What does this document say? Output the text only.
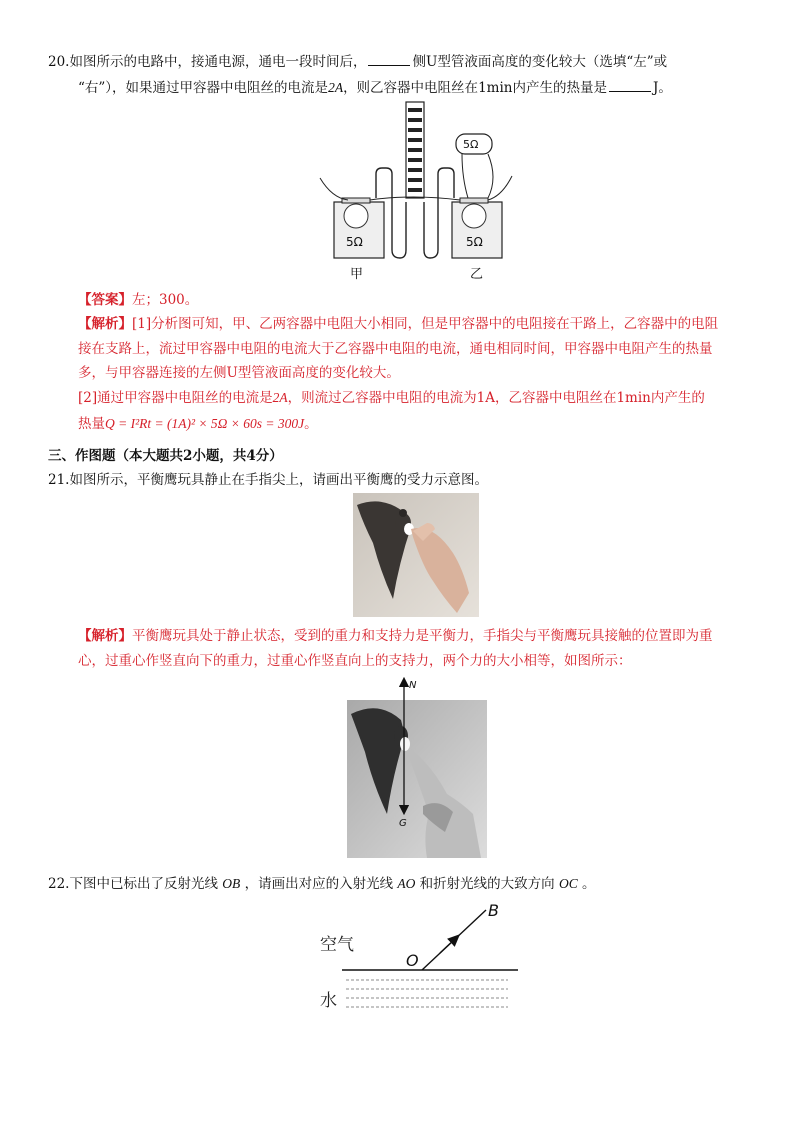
20.如图所示的电路中，接通电源，通电一段时间后，	侧U型管液面高度的变化较大（选填“左”或
“右”），如果通过甲容器中电阻丝的电流是2A，则乙容器中电阻丝在1min内产生的热量是	J。
5Ω	5Ω
5Ω
甲	乙
【答案】左；300。
【解析】[1]分析图可知，甲、乙两容器中电阻大小相同，但是甲容器中的电阻接在干路上，乙容器中的电阻
接在支路上，流过甲容器中电阻的电流大于乙容器中电阻的电流，通电相同时间，甲容器中电阻产生的热量
多，与甲容器连接的左侧U型管液面高度的变化较大。
[2]通过甲容器中电阻丝的电流是2A，则流过乙容器中电阻的电流为1A，乙容器中电阻丝在1min内产生的
热量Q = I²Rt = (1A)² × 5Ω × 60s = 300J。
三、作图题（本大题共2小题，共4分）
21.如图所示，平衡鹰玩具静止在手指尖上，请画出平衡鹰的受力示意图。
【解析】平衡鹰玩具处于静止状态，受到的重力和支持力是平衡力，手指尖与平衡鹰玩具接触的位置即为重
心，过重心作竖直向下的重力，过重心作竖直向上的支持力，两个力的大小相等，如图所示：
N
G
22.下图中已标出了反射光线 OB ，请画出对应的入射光线 AO 和折射光线的大致方向 OC 。
空气
水
O
B
